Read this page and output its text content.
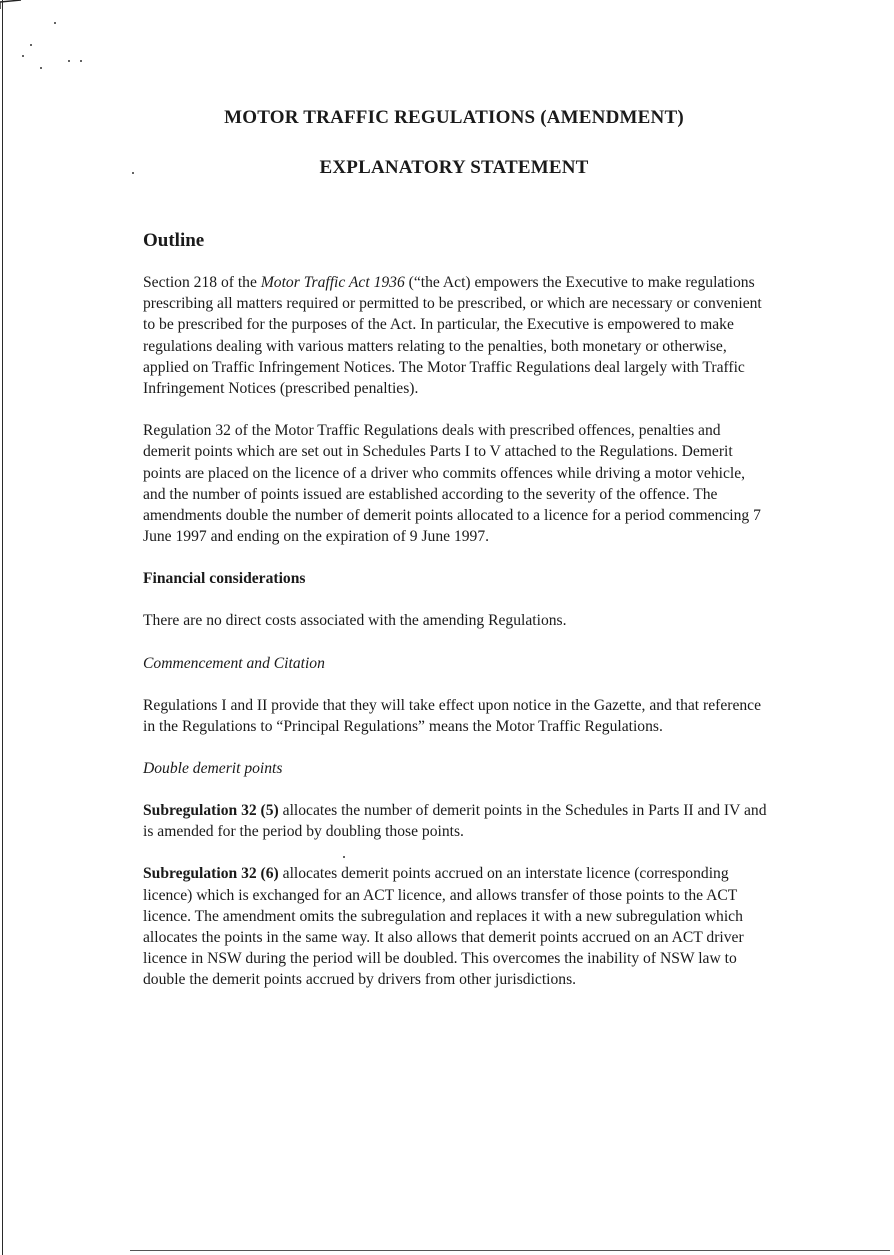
MOTOR TRAFFIC REGULATIONS (AMENDMENT)
EXPLANATORY STATEMENT
Outline

Section 218 of the Motor Traffic Act 1936 (“the Act) empowers the Executive to make regulations prescribing all matters required or permitted to be prescribed, or which are necessary or convenient to be prescribed for the purposes of the Act. In particular, the Executive is empowered to make regulations dealing with various matters relating to the penalties, both monetary or otherwise, applied on Traffic Infringement Notices. The Motor Traffic Regulations deal largely with Traffic Infringement Notices (prescribed penalties).

Regulation 32 of the Motor Traffic Regulations deals with prescribed offences, penalties and demerit points which are set out in Schedules Parts I to V attached to the Regulations. Demerit points are placed on the licence of a driver who commits offences while driving a motor vehicle, and the number of points issued are established according to the severity of the offence. The amendments double the number of demerit points allocated to a licence for a period commencing 7 June 1997 and ending on the expiration of 9 June 1997.

Financial considerations

There are no direct costs associated with the amending Regulations.

Commencement and Citation

Regulations I and II provide that they will take effect upon notice in the Gazette, and that reference in the Regulations to “Principal Regulations” means the Motor Traffic Regulations.

Double demerit points

Subregulation 32 (5) allocates the number of demerit points in the Schedules in Parts II and IV and is amended for the period by doubling those points.

Subregulation 32 (6) allocates demerit points accrued on an interstate licence (corresponding licence) which is exchanged for an ACT licence, and allows transfer of those points to the ACT licence. The amendment omits the subregulation and replaces it with a new subregulation which allocates the points in the same way. It also allows that demerit points accrued on an ACT driver licence in NSW during the period will be doubled. This overcomes the inability of NSW law to double the demerit points accrued by drivers from other jurisdictions.
